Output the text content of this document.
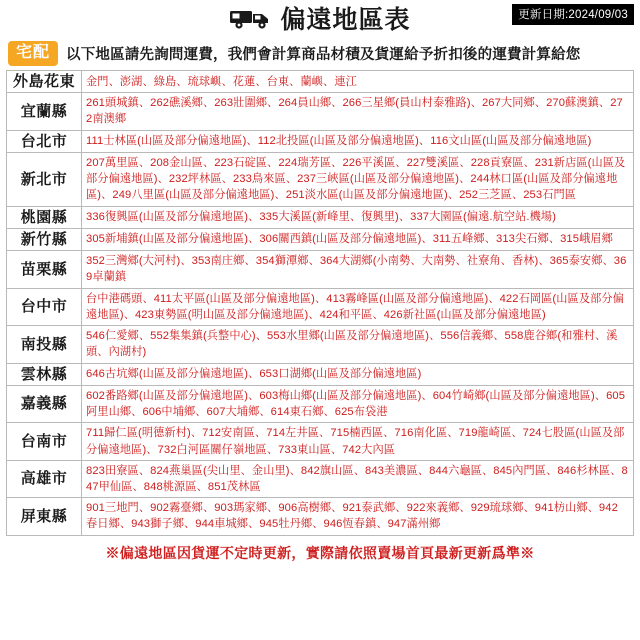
偏遠地區表	更新日期:2024/09/03
宅配	以下地區請先詢問運費，我們會計算商品材積及貨運給予折扣後的運費計算給您
外島花東	金門、澎湖、綠島、琉球嶼、花蓮、台東、蘭嶼、連江
宜蘭縣	261頭城鎮、262礁溪鄉、263壯圍鄉、264員山鄉、266三星鄉(員山村泰雅路)、267大同鄉、270蘇澳鎮、272南澳鄉
台北市	111士林區(山區及部分偏遠地區)、112北投區(山區及部分偏遠地區)、116文山區(山區及部分偏遠地區)
新北市	207萬里區、208金山區、223石碇區、224瑞芳區、226平溪區、227雙溪區、228貢寮區、231新店區(山區及部分偏遠地區)、232坪林區、233鳥來區、237三峽區(山區及部分偏遠地區)、244林口區(山區及部分偏遠地區)、249八里區(山區及部分偏遠地區)、251淡水區(山區及部分偏遠地區)、252三芝區、253石門區
桃園縣	336復興區(山區及部分偏遠地區)、335大溪區(新峰里、復興里)、337大園區(偏遠.航空站.機場)
新竹縣	305新埔鎮(山區及部分偏遠地區)、306關西鎮(山區及部分偏遠地區)、311五峰鄉、313尖石鄉、315峨眉鄉
苗栗縣	352三灣鄉(大河村)、353南庄鄉、354獅潭鄉、364大湖鄉(小南勢、大南勢、社寮角、香林)、365泰安鄉、369卓蘭鎮
台中市	台中港碼頭、411太平區(山區及部分偏遠地區)、413霧峰區(山區及部分偏遠地區)、422石岡區(山區及部分偏遠地區)、423東勢區(明山區及部分偏遠地區)、424和平區、426新社區(山區及部分偏遠地區)
南投縣	546仁愛鄉、552集集鎮(兵整中心)、553水里鄉(山區及部分偏遠地區)、556信義鄉、558鹿谷鄉(和雅村、溪頭、內湖村)
雲林縣	646古坑鄉(山區及部分偏遠地區)、653口湖鄉(山區及部分偏遠地區)
嘉義縣	602番路鄉(山區及部分偏遠地區)、603梅山鄉(山區及部分偏遠地區)、604竹崎鄉(山區及部分偏遠地區)、605阿里山鄉、606中埔鄉、607大埔鄉、614東石鄉、625布袋港
台南市	711歸仁區(明德新村)、712安南區、714左井區、715楠西區、716南化區、719龍崎區、724七股區(山區及部分偏遠地區)、732白河區關仔嶺地區、733東山區、742大內區
高雄市	823田寮區、824燕巢區(尖山里、金山里)、842旗山區、843美濃區、844六龜區、845內門區、846杉林區、847甲仙區、848桃源區、851茂林區
屏東縣	901三地門、902霧臺鄉、903瑪家鄉、906高樹鄉、921泰武鄉、922來義鄉、929琉球鄉、941枋山鄉、942春日鄉、943獅子鄉、944車城鄉、945牡丹鄉、946恆春鎮、947滿州鄉
※偏遠地區因貨運不定時更新，實際請依照賣場首頁最新更新爲準※
